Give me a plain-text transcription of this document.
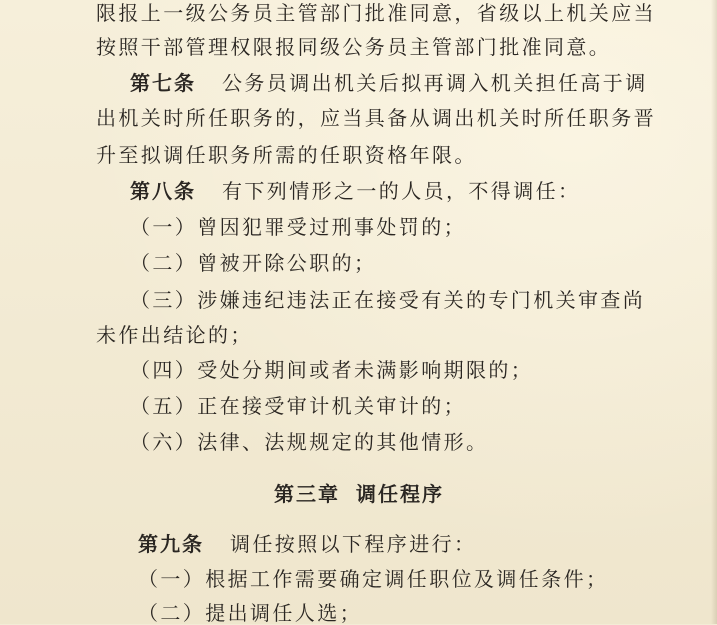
限报上一级公务员主管部门批准同意，省级以上机关应当
按照干部管理权限报同级公务员主管部门批准同意。
第七条 公务员调出机关后拟再调入机关担任高于调
出机关时所任职务的，应当具备从调出机关时所任职务晋
升至拟调任职务所需的任职资格年限。
第八条 有下列情形之一的人员，不得调任：
（一）曾因犯罪受过刑事处罚的；
（二）曾被开除公职的；
（三）涉嫌违纪违法正在接受有关的专门机关审查尚
未作出结论的；
（四）受处分期间或者未满影响期限的；
（五）正在接受审计机关审计的；
（六）法律、法规规定的其他情形。
第三章 调任程序
第九条 调任按照以下程序进行：
（一）根据工作需要确定调任职位及调任条件；
（二）提出调任人选；
